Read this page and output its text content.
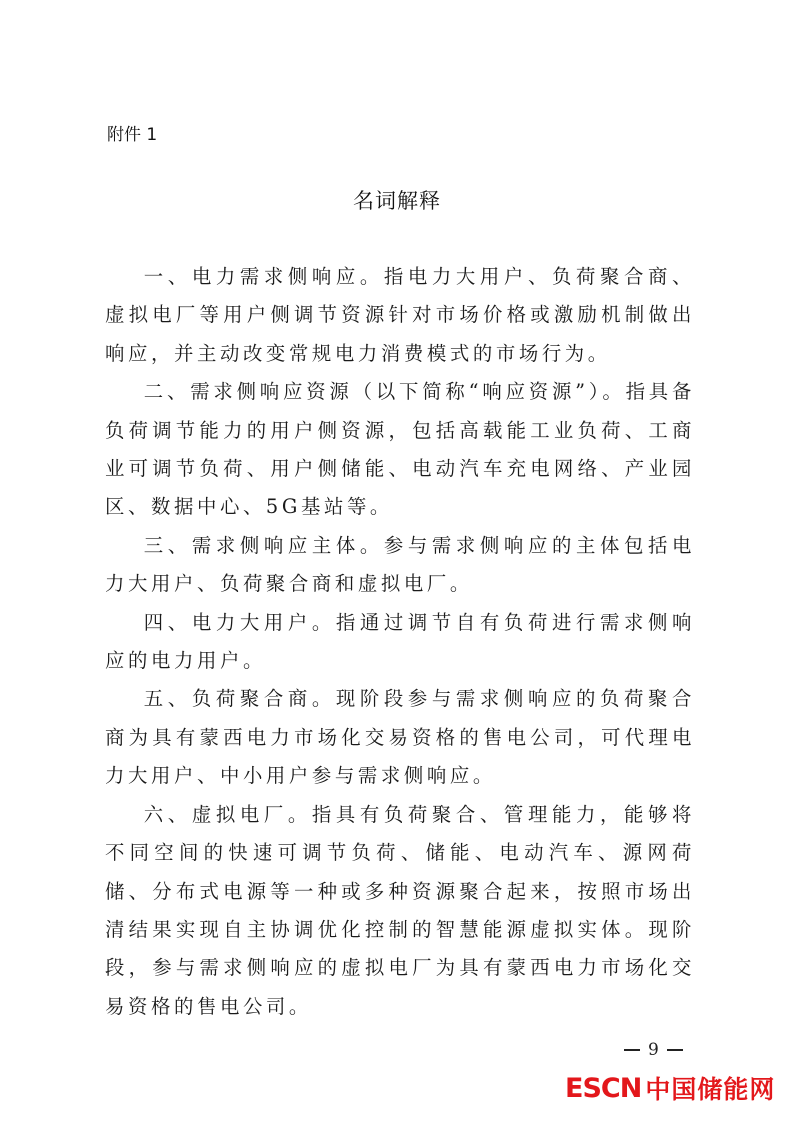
附件 1
名词解释

一、电力需求侧响应。指电力大用户、负荷聚合商、虚拟电厂等用户侧调节资源针对市场价格或激励机制做出响应，并主动改变常规电力消费模式的市场行为。

二、需求侧响应资源（以下简称“响应资源”）。指具备负荷调节能力的用户侧资源，包括高载能工业负荷、工商业可调节负荷、用户侧储能、电动汽车充电网络、产业园区、数据中心、5G基站等。

三、需求侧响应主体。参与需求侧响应的主体包括电力大用户、负荷聚合商和虚拟电厂。

四、电力大用户。指通过调节自有负荷进行需求侧响应的电力用户。

五、负荷聚合商。现阶段参与需求侧响应的负荷聚合商为具有蒙西电力市场化交易资格的售电公司，可代理电力大用户、中小用户参与需求侧响应。

六、虚拟电厂。指具有负荷聚合、管理能力，能够将不同空间的快速可调节负荷、储能、电动汽车、源网荷储、分布式电源等一种或多种资源聚合起来，按照市场出清结果实现自主协调优化控制的智慧能源虚拟实体。现阶段，参与需求侧响应的虚拟电厂为具有蒙西电力市场化交易资格的售电公司。

9
ESCN 中国储能网
